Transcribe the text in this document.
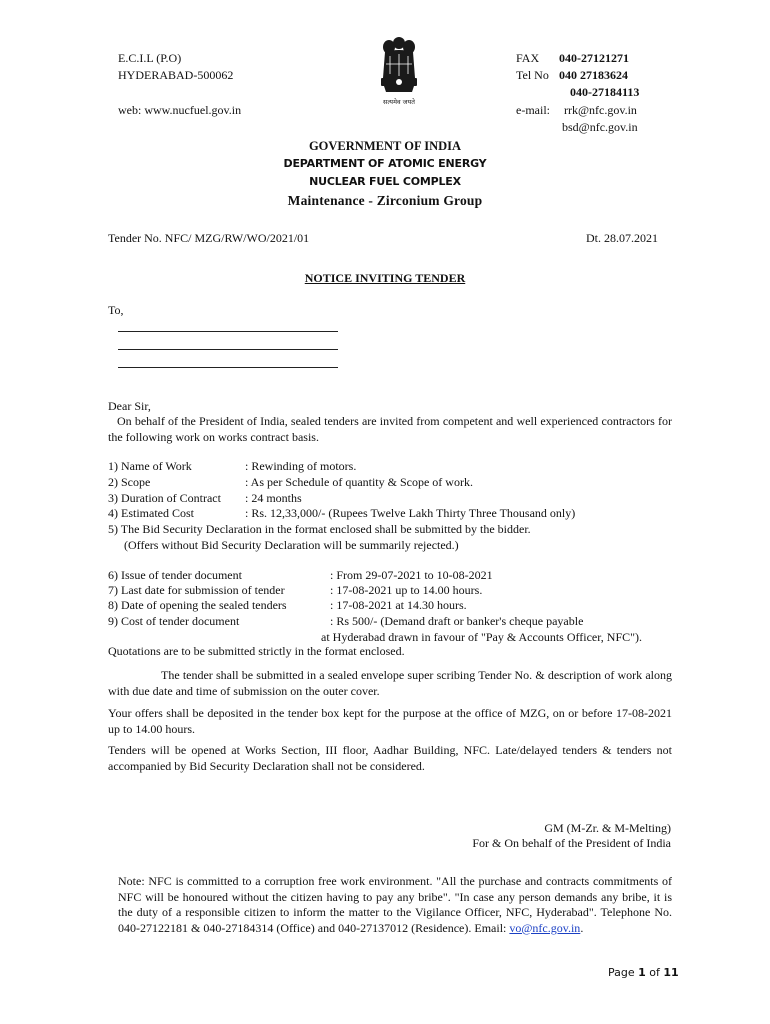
E.C.I.L (P.O)
HYDERABAD-500062
web: www.nucfuel.gov.in
सत्यमेव जयते
FAX 040-27121271
Tel No 040 27183624
040-27184113
e-mail: rrk@nfc.gov.in
bsd@nfc.gov.in
GOVERNMENT OF INDIA
DEPARTMENT OF ATOMIC ENERGY
NUCLEAR FUEL COMPLEX
Maintenance - Zirconium Group
Tender No. NFC/ MZG/RW/WO/2021/01	Dt. 28.07.2021
NOTICE INVITING TENDER
To,
Dear Sir,
On behalf of the President of India, sealed tenders are invited from competent and well experienced contractors for the following work on works contract basis.
1) Name of Work	: Rewinding of motors.
2) Scope	: As per Schedule of quantity & Scope of work.
3) Duration of Contract : 24 months
4) Estimated Cost	: Rs. 12,33,000/- (Rupees Twelve Lakh Thirty Three Thousand only)
5) The Bid Security Declaration in the format enclosed shall be submitted by the bidder.
(Offers without Bid Security Declaration will be summarily rejected.)
6) Issue of tender document	: From 29-07-2021 to 10-08-2021
7) Last date for submission of tender	: 17-08-2021 up to 14.00 hours.
8) Date of opening the sealed tenders	: 17-08-2021 at 14.30 hours.
9) Cost of tender document	: Rs 500/- (Demand draft or banker's cheque payable
at Hyderabad drawn in favour of "Pay & Accounts Officer, NFC").
Quotations are to be submitted strictly in the format enclosed.
The tender shall be submitted in a sealed envelope super scribing Tender No. & description of work along with due date and time of submission on the outer cover.
Your offers shall be deposited in the tender box kept for the purpose at the office of MZG, on or before 17-08-2021 up to 14.00 hours.
Tenders will be opened at Works Section, III floor, Aadhar Building, NFC. Late/delayed tenders & tenders not accompanied by Bid Security Declaration shall not be considered.
GM (M-Zr. & M-Melting)
For & On behalf of the President of India
Note: NFC is committed to a corruption free work environment. "All the purchase and contracts commitments of NFC will be honoured without the citizen having to pay any bribe". "In case any person demands any bribe, it is the duty of a responsible citizen to inform the matter to the Vigilance Officer, NFC, Hyderabad". Telephone No. 040-27122181 & 040-27184314 (Office) and 040-27137012 (Residence). Email: vo@nfc.gov.in.
Page 1 of 11
